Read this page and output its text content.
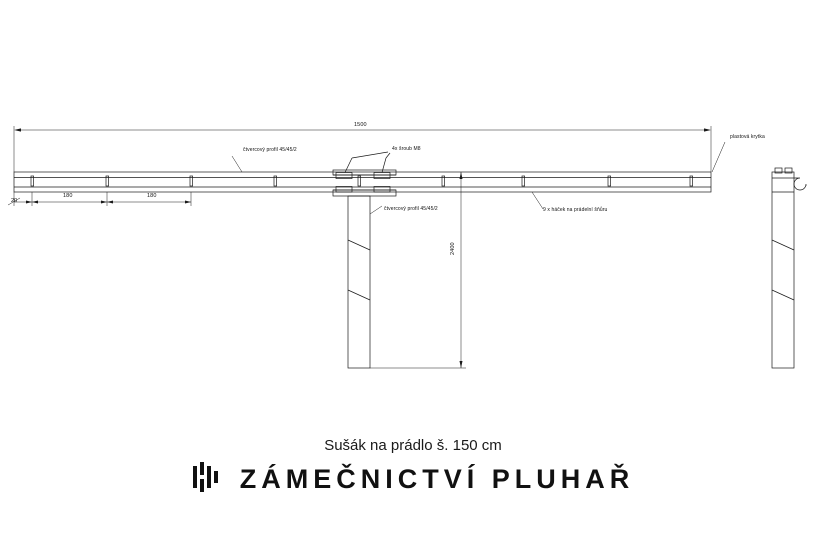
čtvercový profil 45/45/2	4x šroub M8
plastová krytka
čtvercový profil 45/45/2	9 x háček na prádelní šňůru
1500
180	180
20
2400
Sušák na prádlo š. 150 cm
ZÁMEČNICTVÍ PLUHAŘ
